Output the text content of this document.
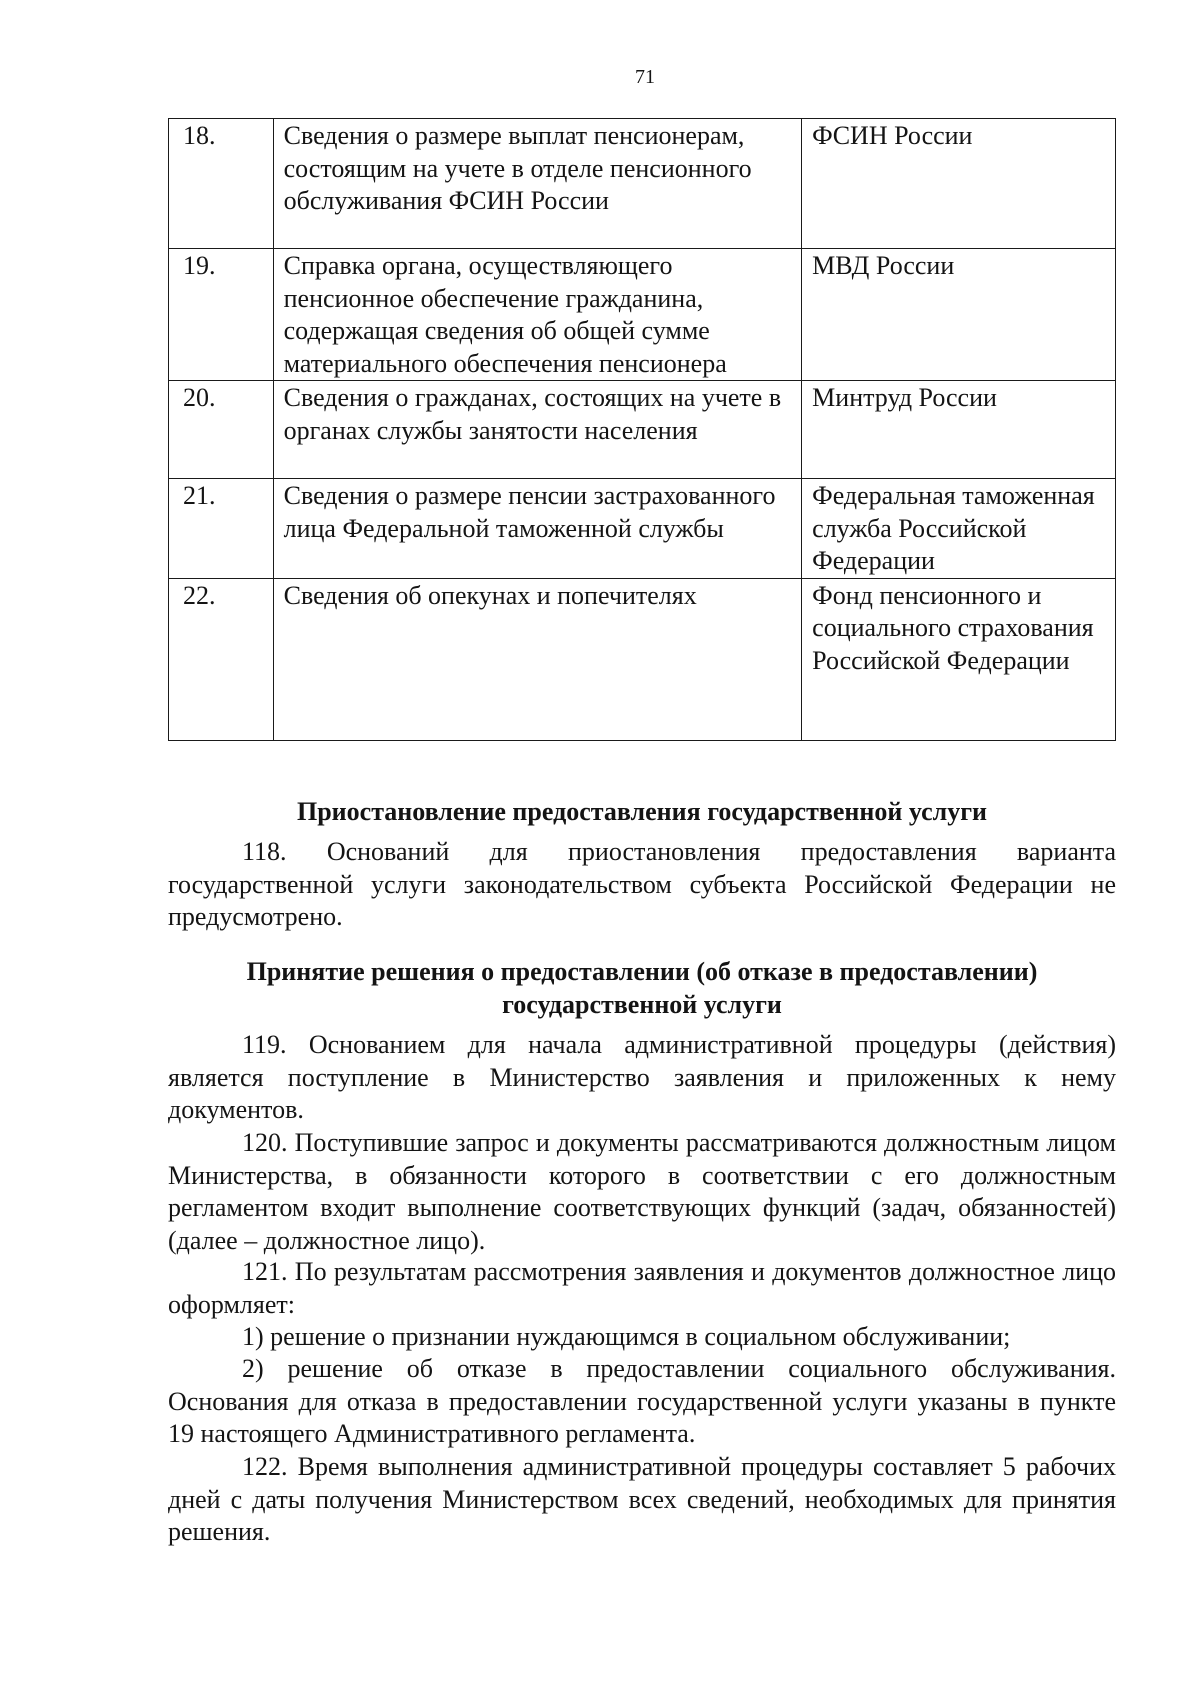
71
18.	Сведения о размере выплат пенсионерам, состоящим на учете в отделе пенсионного обслуживания ФСИН России	ФСИН России
19.	Справка органа, осуществляющего пенсионное обеспечение гражданина, содержащая сведения об общей сумме материального обеспечения пенсионера	МВД России
20.	Сведения о гражданах, состоящих на учете в органах службы занятости населения	Минтруд России
21.	Сведения о размере пенсии застрахованного лица Федеральной таможенной службы	Федеральная таможенная служба Российской Федерации
22.	Сведения об опекунах и попечителях	Фонд пенсионного и социального страхования Российской Федерации
Приостановление предоставления государственной услуги
118. Оснований для приостановления предоставления варианта государственной услуги законодательством субъекта Российской Федерации не предусмотрено.
Принятие решения о предоставлении (об отказе в предоставлении)
государственной услуги
119. Основанием для начала административной процедуры (действия) является поступление в Министерство заявления и приложенных к нему документов.
120. Поступившие запрос и документы рассматриваются должностным лицом Министерства, в обязанности которого в соответствии с его должностным регламентом входит выполнение соответствующих функций (задач, обязанностей) (далее – должностное лицо).
121. По результатам рассмотрения заявления и документов должностное лицо оформляет:
1) решение о признании нуждающимся в социальном обслуживании;
2) решение об отказе в предоставлении социального обслуживания. Основания для отказа в предоставлении государственной услуги указаны в пункте 19 настоящего Административного регламента.
122. Время выполнения административной процедуры составляет 5 рабочих дней с даты получения Министерством всех сведений, необходимых для принятия решения.
